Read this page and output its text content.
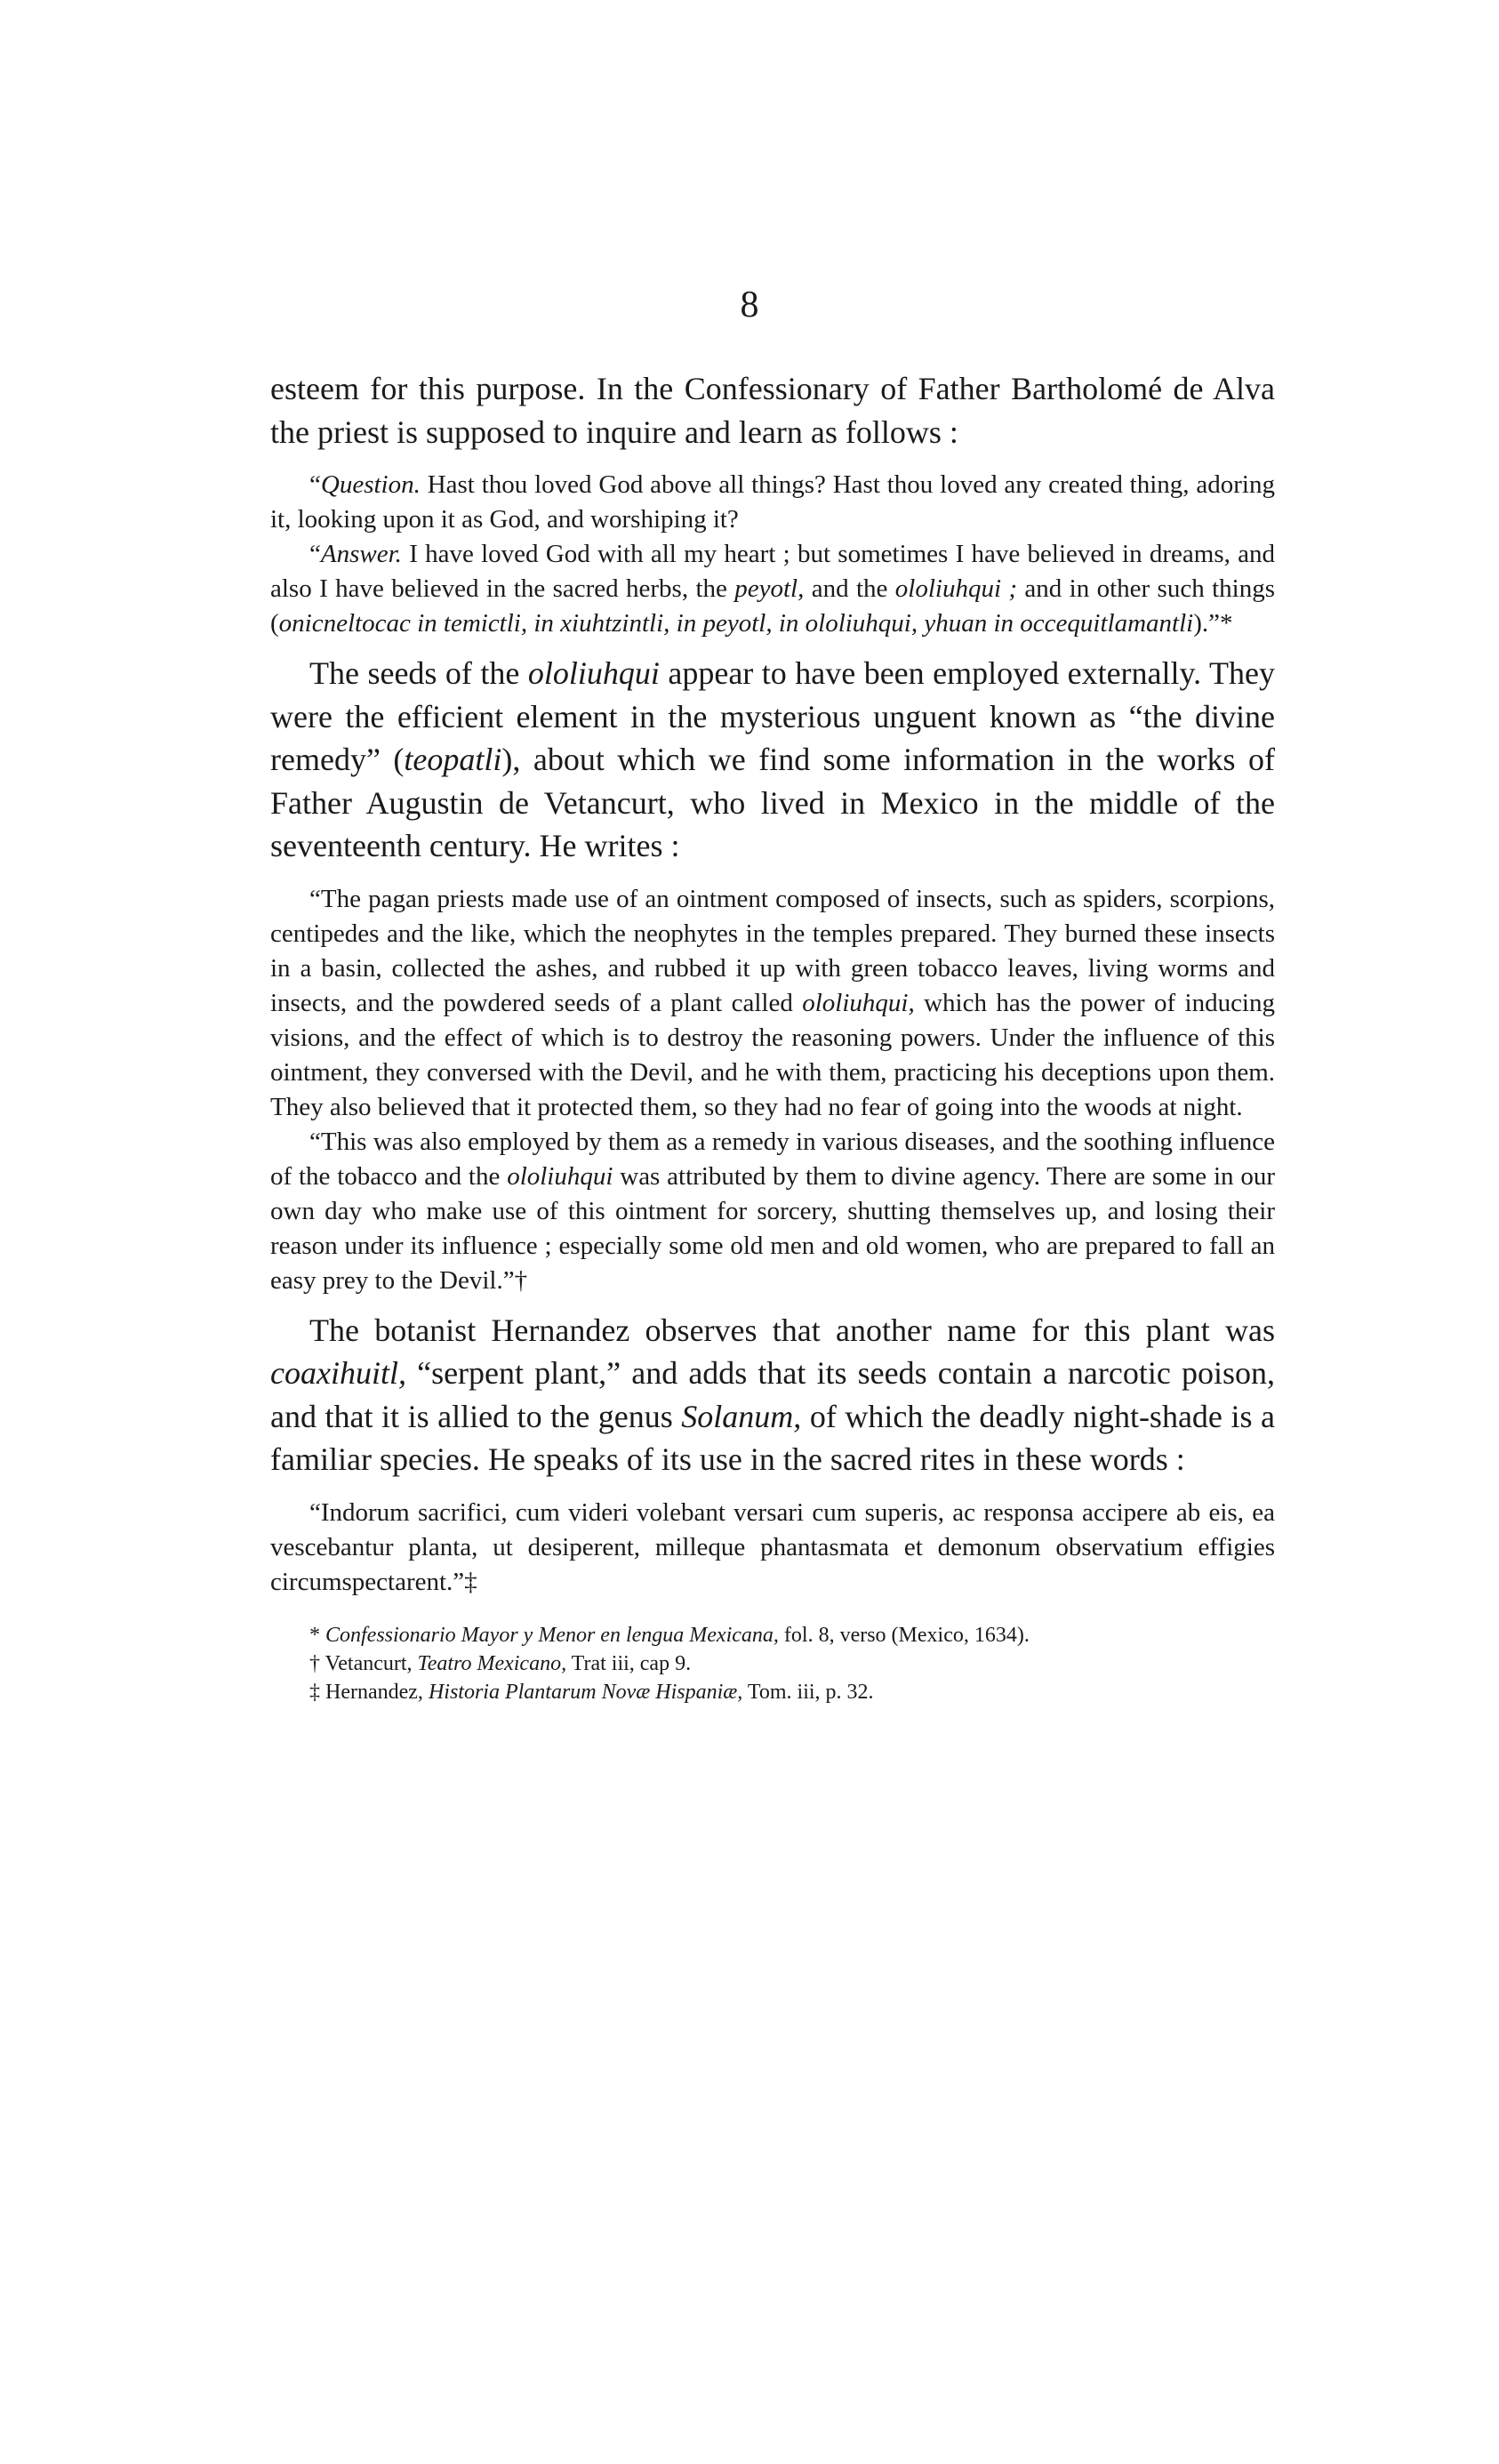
8

esteem for this purpose. In the Confessionary of Father Bartholomé de Alva the priest is supposed to inquire and learn as follows :

“Question. Hast thou loved God above all things? Hast thou loved any created thing, adoring it, looking upon it as God, and worshiping it?

“Answer. I have loved God with all my heart ; but sometimes I have believed in dreams, and also I have believed in the sacred herbs, the peyotl, and the ololiuhqui ; and in other such things (onicneltocac in temictli, in xiuhtzintli, in peyotl, in ololiuhqui, yhuan in occequitlamantli).”*

The seeds of the ololiuhqui appear to have been employed externally. They were the efficient element in the mysterious unguent known as “the divine remedy” (teopatli), about which we find some information in the works of Father Augustin de Vetancurt, who lived in Mexico in the middle of the seventeenth century. He writes :

“The pagan priests made use of an ointment composed of insects, such as spiders, scorpions, centipedes and the like, which the neophytes in the temples prepared. They burned these insects in a basin, collected the ashes, and rubbed it up with green tobacco leaves, living worms and insects, and the powdered seeds of a plant called ololiuhqui, which has the power of inducing visions, and the effect of which is to destroy the reasoning powers. Under the influence of this ointment, they conversed with the Devil, and he with them, practicing his deceptions upon them. They also believed that it protected them, so they had no fear of going into the woods at night.

“This was also employed by them as a remedy in various diseases, and the soothing influence of the tobacco and the ololiuhqui was attributed by them to divine agency. There are some in our own day who make use of this ointment for sorcery, shutting themselves up, and losing their reason under its influence ; especially some old men and old women, who are prepared to fall an easy prey to the Devil.”†

The botanist Hernandez observes that another name for this plant was coaxihuitl, “serpent plant,” and adds that its seeds contain a narcotic poison, and that it is allied to the genus Solanum, of which the deadly night-shade is a familiar species. He speaks of its use in the sacred rites in these words :

“Indorum sacrifici, cum videri volebant versari cum superis, ac responsa accipere ab eis, ea vescebantur planta, ut desiperent, milleque phantasmata et demonum observatium effigies circumspectarent.”‡

* Confessionario Mayor y Menor en lengua Mexicana, fol. 8, verso (Mexico, 1634).

† Vetancurt, Teatro Mexicano, Trat iii, cap 9.

‡ Hernandez, Historia Plantarum Novæ Hispaniæ, Tom. iii, p. 32.
